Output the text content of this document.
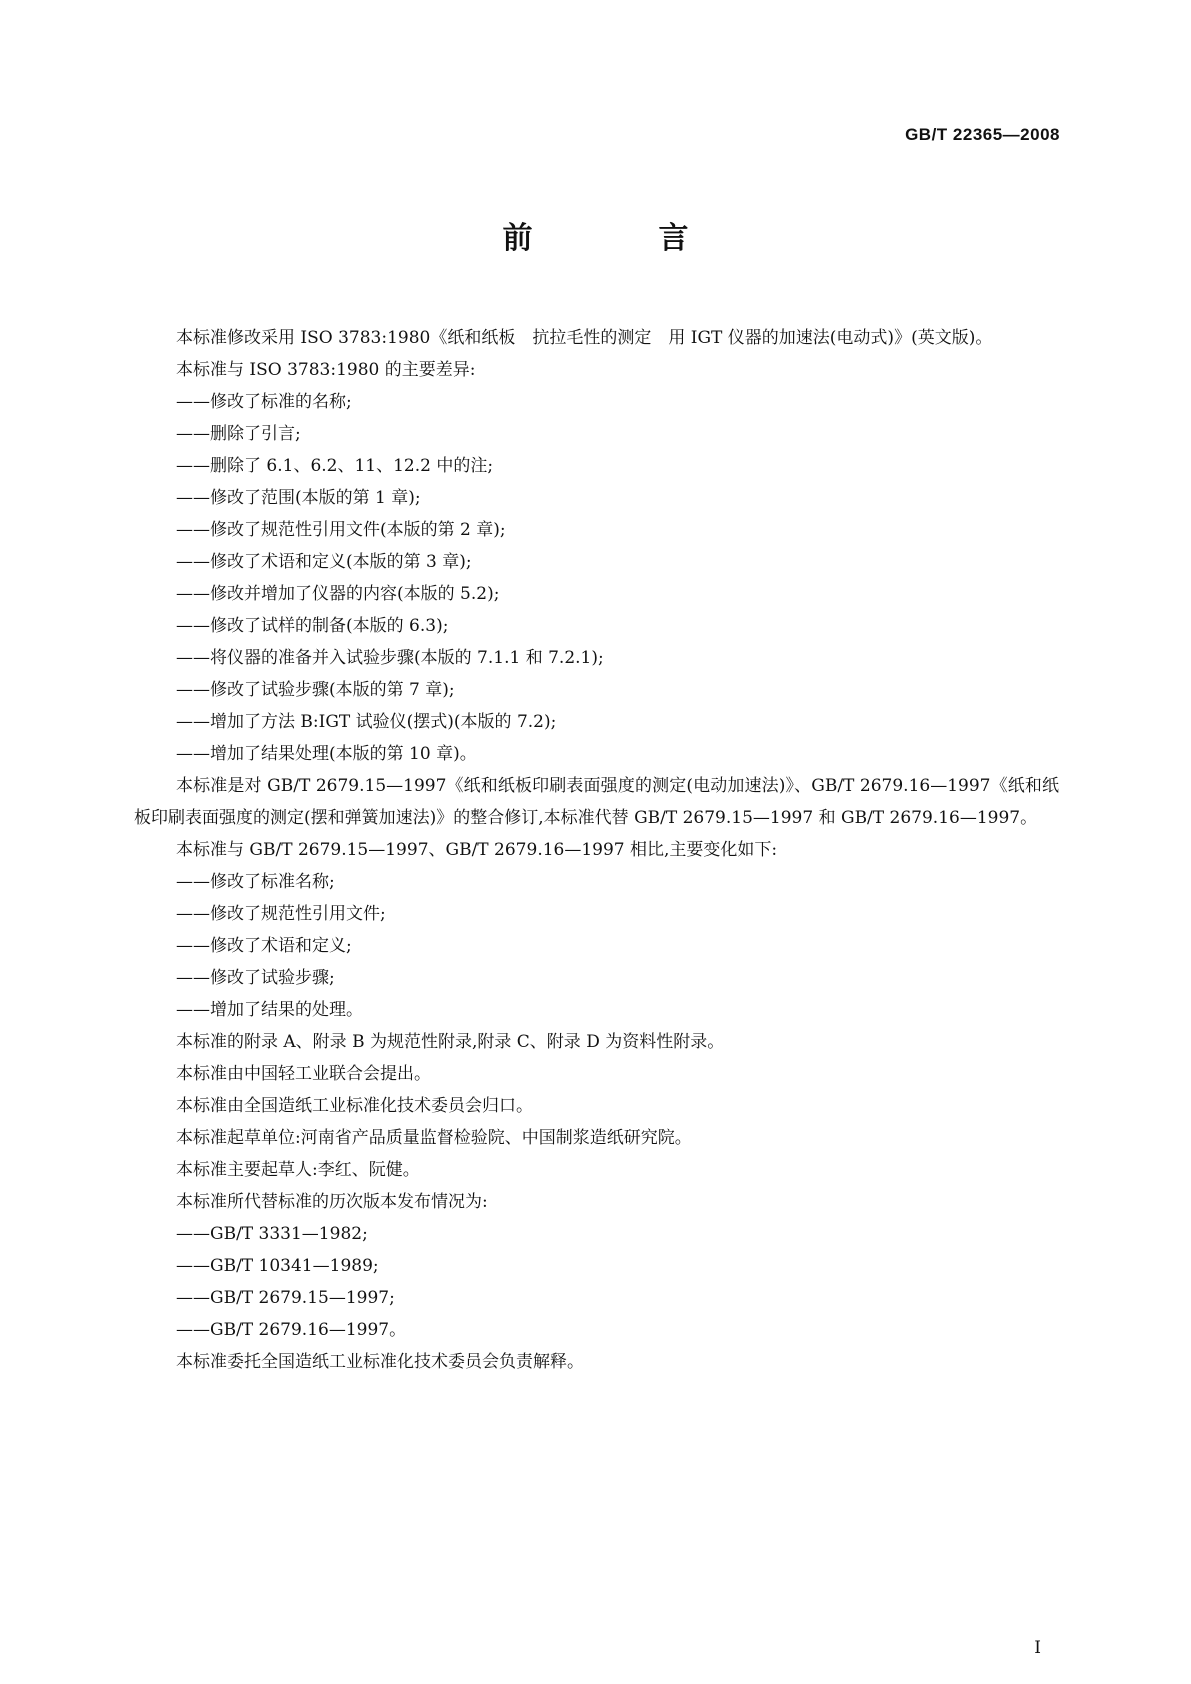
GB/T 22365—2008
前　言

本标准修改采用 ISO 3783:1980《纸和纸板　抗拉毛性的测定　用 IGT 仪器的加速法(电动式)》(英文版)。

本标准与 ISO 3783:1980 的主要差异:

——修改了标准的名称;

——删除了引言;

——删除了 6.1、6.2、11、12.2 中的注;

——修改了范围(本版的第 1 章);

——修改了规范性引用文件(本版的第 2 章);

——修改了术语和定义(本版的第 3 章);

——修改并增加了仪器的内容(本版的 5.2);

——修改了试样的制备(本版的 6.3);

——将仪器的准备并入试验步骤(本版的 7.1.1 和 7.2.1);

——修改了试验步骤(本版的第 7 章);

——增加了方法 B:IGT 试验仪(摆式)(本版的 7.2);

——增加了结果处理(本版的第 10 章)。

本标准是对 GB/T 2679.15—1997《纸和纸板印刷表面强度的测定(电动加速法)》、GB/T 2679.16—1997《纸和纸板印刷表面强度的测定(摆和弹簧加速法)》的整合修订,本标准代替 GB/T 2679.15—1997 和 GB/T 2679.16—1997。

本标准与 GB/T 2679.15—1997、GB/T 2679.16—1997 相比,主要变化如下:

——修改了标准名称;

——修改了规范性引用文件;

——修改了术语和定义;

——修改了试验步骤;

——增加了结果的处理。

本标准的附录 A、附录 B 为规范性附录,附录 C、附录 D 为资料性附录。

本标准由中国轻工业联合会提出。

本标准由全国造纸工业标准化技术委员会归口。

本标准起草单位:河南省产品质量监督检验院、中国制浆造纸研究院。

本标准主要起草人:李红、阮健。

本标准所代替标准的历次版本发布情况为:

——GB/T 3331—1982;

——GB/T 10341—1989;

——GB/T 2679.15—1997;

——GB/T 2679.16—1997。

本标准委托全国造纸工业标准化技术委员会负责解释。

I
